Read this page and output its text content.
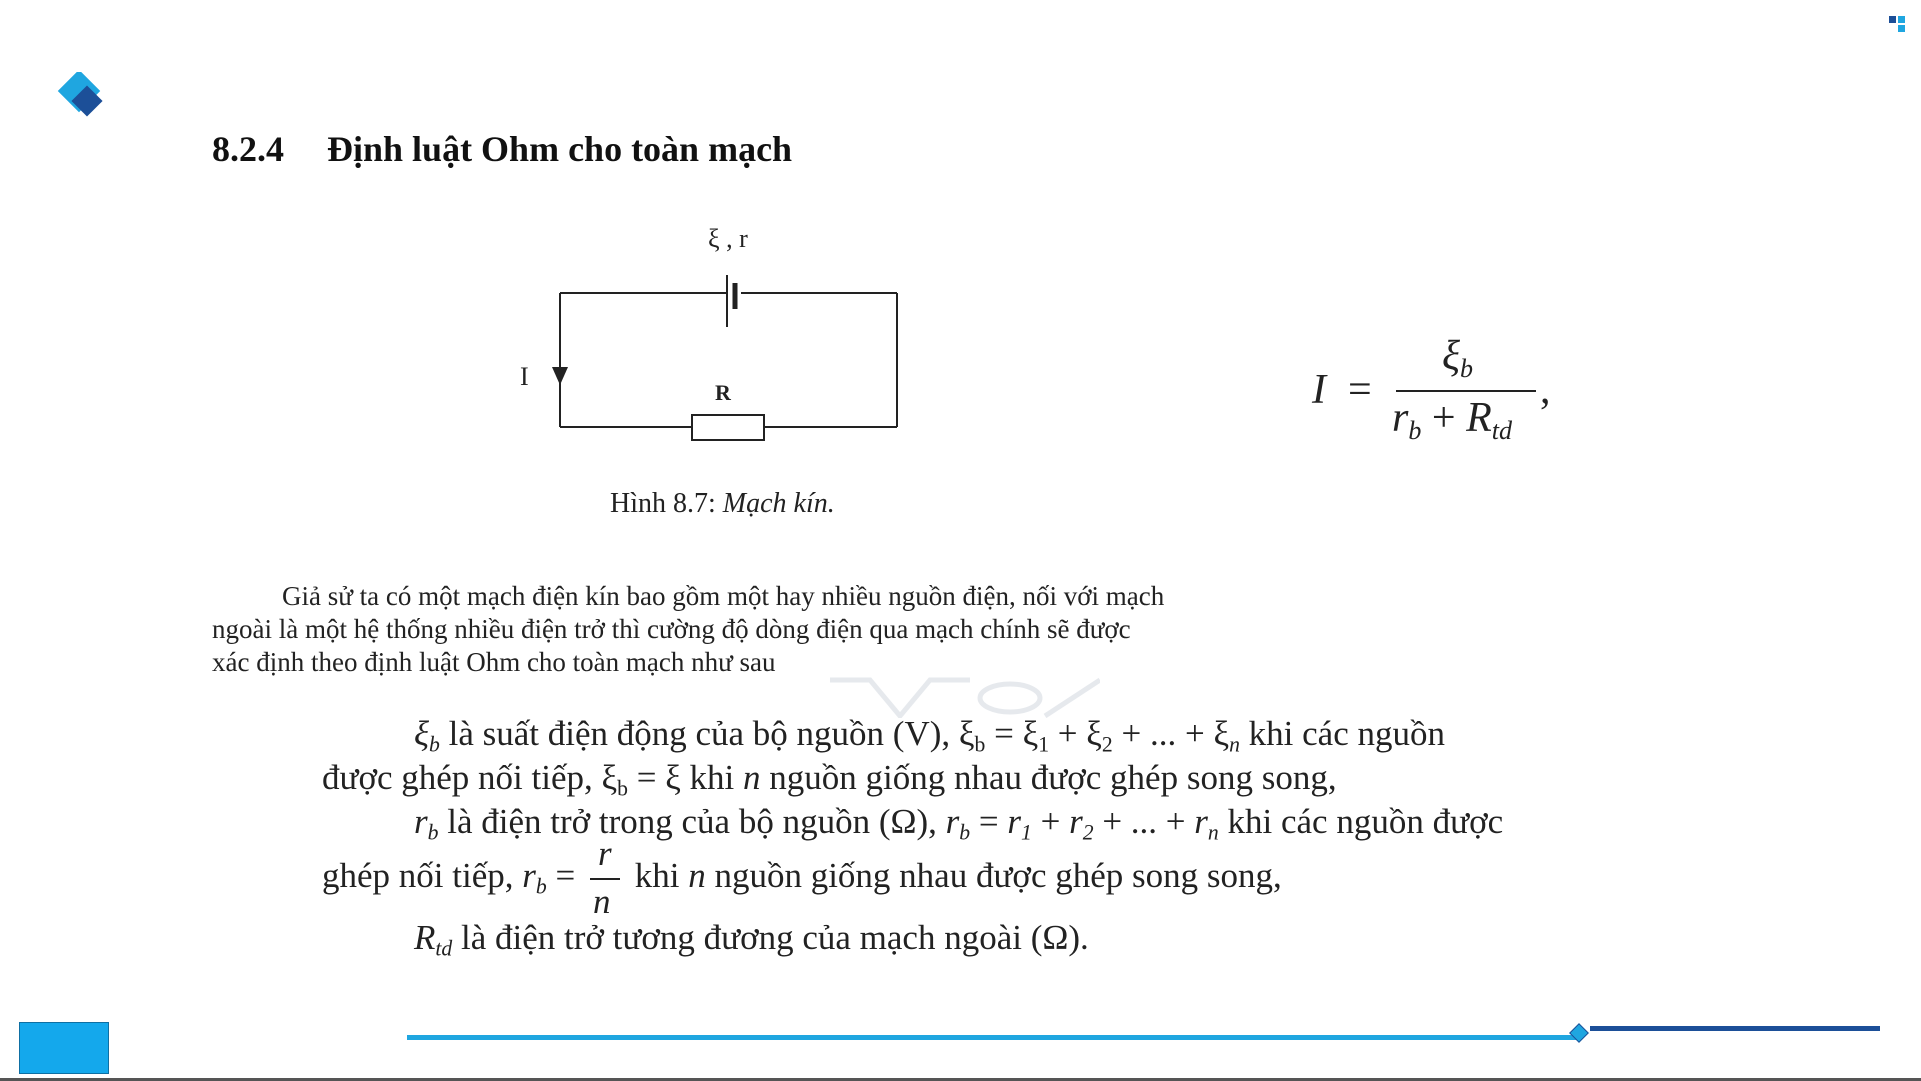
8.2.4 Định luật Ohm cho toàn mạch
ξ , r
I
R
Hình 8.7: Mạch kín.
I =
$\xi_b$
$r_b + R_{td}$
,
Giả sử ta có một mạch điện kín bao gồm một hay nhiều nguồn điện, nối với mạch
ngoài là một hệ thống nhiều điện trở thì cường độ dòng điện qua mạch chính sẽ được
xác định theo định luật Ohm cho toàn mạch như sau
$\xi_b$ là suất điện động của bộ nguồn (V), $\xi_b = \xi_1 + \xi_2$ + ... + $\xi_n$ khi các nguồn
được ghép nối tiếp, $\xi_b = \xi$ khi n nguồn giống nhau được ghép song song,
$r_b$ là điện trở trong của bộ nguồn (Ω), $r_b = r_1 + r_2$ + ... + $r_n$ khi các nguồn được
ghép nối tiếp, $r_b = \frac{r}{n}$ khi n nguồn giống nhau được ghép song song,
$R_{td}$ là điện trở tương đương của mạch ngoài (Ω).
